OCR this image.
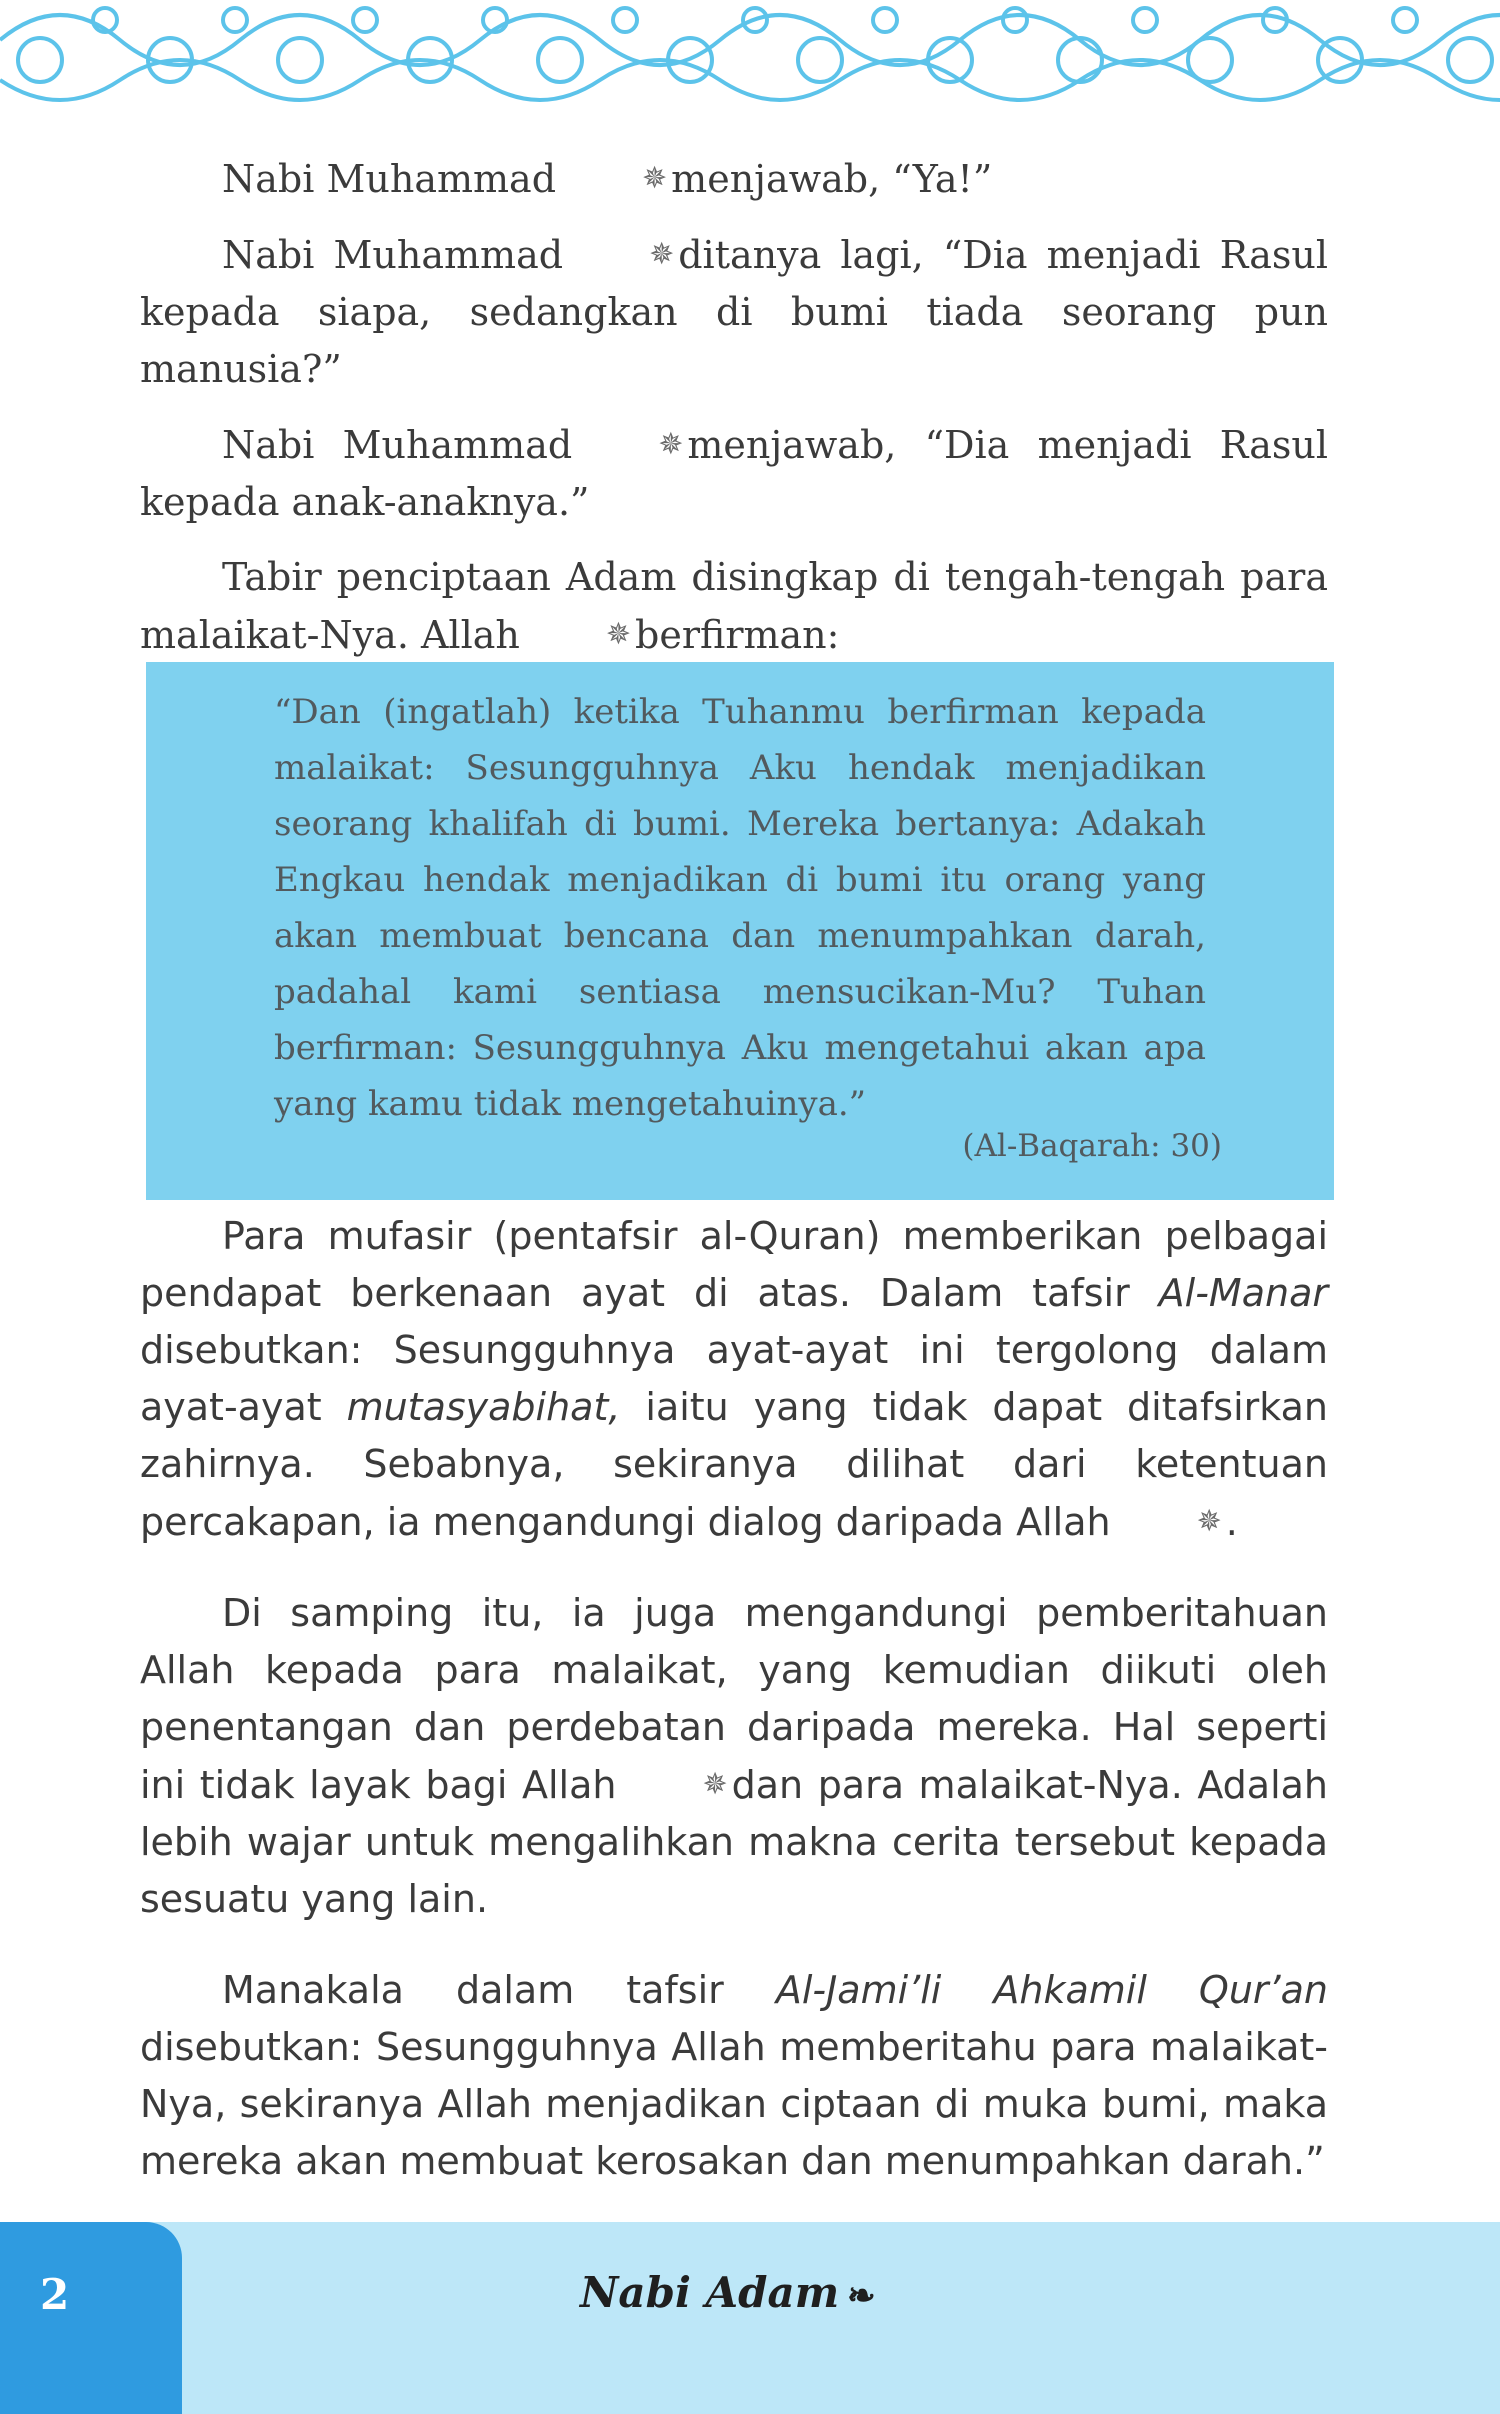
Nabi Muhammad	✵ menjawab, “Ya!”

Nabi Muhammad	✵ ditanya lagi, “Dia menjadi Rasul kepada siapa, sedangkan di bumi tiada seorang pun manusia?”

Nabi Muhammad	✵ menjawab, “Dia menjadi Rasul kepada anak-anaknya.”

Tabir penciptaan Adam disingkap di tengah-tengah para malaikat-Nya. Allah	✵ berfirman:

“Dan (ingatlah) ketika Tuhanmu berfirman kepada malaikat: Sesungguhnya Aku hendak menjadikan seorang khalifah di bumi. Mereka bertanya: Adakah Engkau hendak menjadikan di bumi itu orang yang akan membuat bencana dan menumpahkan darah, padahal kami sentiasa mensucikan-Mu? Tuhan berfirman: Sesungguhnya Aku mengetahui akan apa yang kamu tidak mengetahuinya.”

(Al-Baqarah: 30)

Para mufasir (pentafsir al-Quran) memberikan pelbagai pendapat berkenaan ayat di atas. Dalam tafsir Al-Manar disebutkan: Sesungguhnya ayat-ayat ini tergolong dalam ayat-ayat mutasyabihat, iaitu yang tidak dapat ditafsirkan zahirnya. Sebabnya, sekiranya dilihat dari ketentuan percakapan, ia mengandungi dialog daripada Allah	✵ .

Di samping itu, ia juga mengandungi pemberitahuan Allah kepada para malaikat, yang kemudian diikuti oleh penentangan dan perdebatan daripada mereka. Hal seperti ini tidak layak bagi Allah	✵ dan para malaikat-Nya. Adalah lebih wajar untuk mengalihkan makna cerita tersebut kepada sesuatu yang lain.

Manakala dalam tafsir Al-Jami’li Ahkamil Qur’an disebutkan: Sesungguhnya Allah memberitahu para malaikat-Nya, sekiranya Allah menjadikan ciptaan di muka bumi, maka mereka akan membuat kerosakan dan menumpahkan darah.”

2	Nabi Adam ❧
